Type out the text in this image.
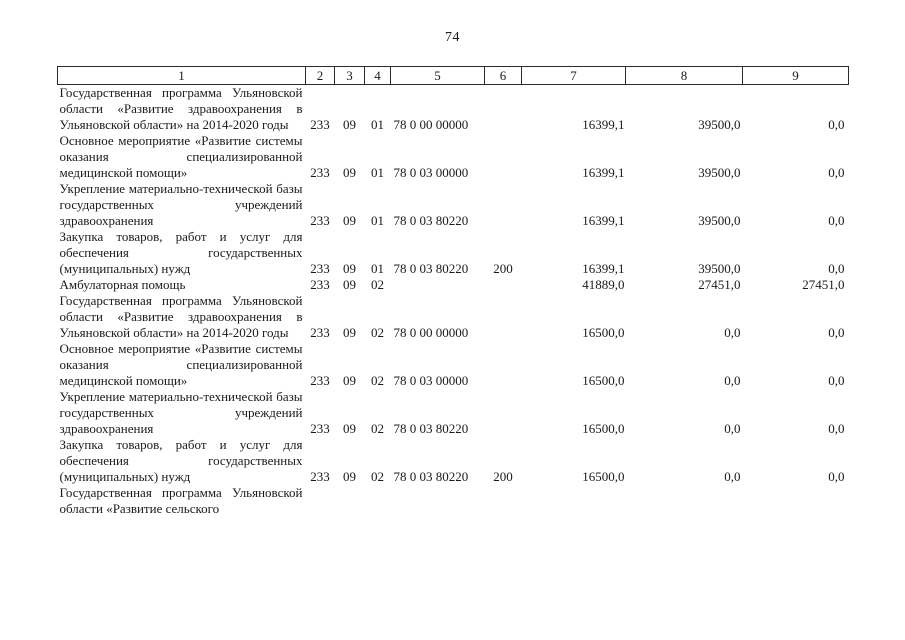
74
1	2	3	4	5	6	7	8	9
Государственная программа Ульяновской области «Развитие здравоохранения в Ульяновской области» на 2014-2020 годы	233	09	01	78 0 00 00000		16399,1	39500,0	0,0
Основное мероприятие «Развитие системы оказания специализированной медицинской помощи»	233	09	01	78 0 03 00000		16399,1	39500,0	0,0
Укрепление материально-технической базы государственных учреждений здравоохранения	233	09	01	78 0 03 80220		16399,1	39500,0	0,0
Закупка товаров, работ и услуг для обеспечения государственных (муниципальных) нужд	233	09	01	78 0 03 80220	200	16399,1	39500,0	0,0
Амбулаторная помощь	233	09	02			41889,0	27451,0	27451,0
Государственная программа Ульяновской области «Развитие здравоохранения в Ульяновской области» на 2014-2020 годы	233	09	02	78 0 00 00000		16500,0	0,0	0,0
Основное мероприятие «Развитие системы оказания специализированной медицинской помощи»	233	09	02	78 0 03 00000		16500,0	0,0	0,0
Укрепление материально-технической базы государственных учреждений здравоохранения	233	09	02	78 0 03 80220		16500,0	0,0	0,0
Закупка товаров, работ и услуг для обеспечения государственных (муниципальных) нужд	233	09	02	78 0 03 80220	200	16500,0	0,0	0,0
Государственная программа Ульяновской области «Развитие сельского								
